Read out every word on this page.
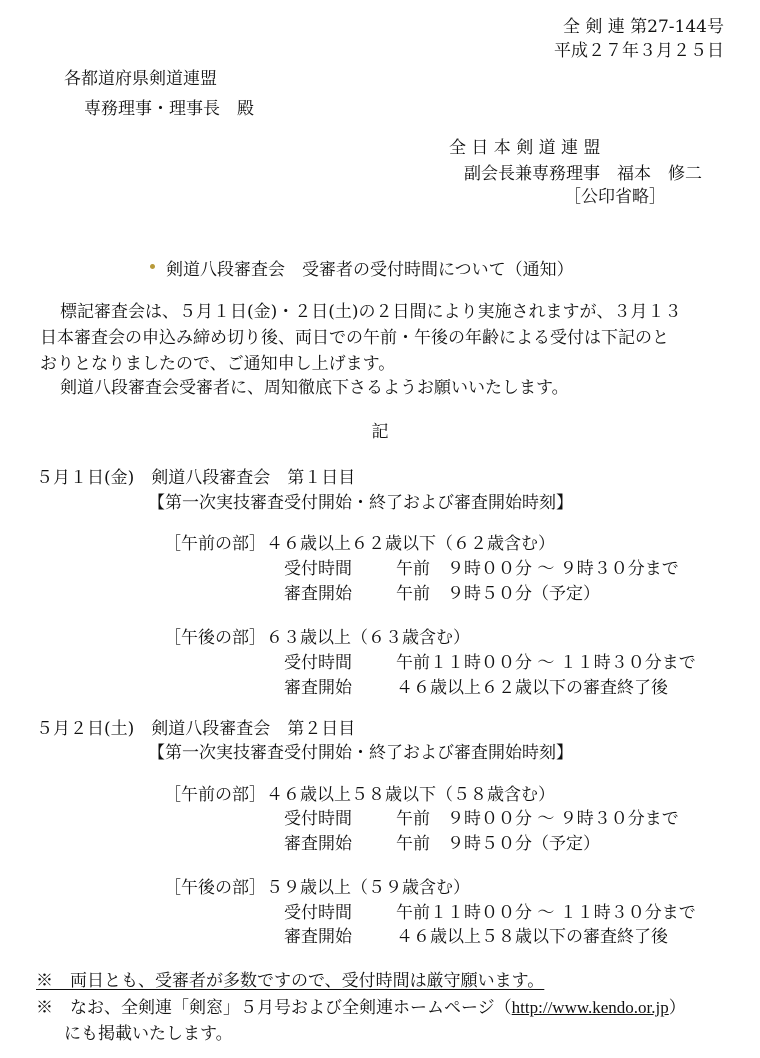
全 剣 連 第27-144号
平成２７年３月２５日
各都道府県剣道連盟
専務理事・理事長　殿
全 日 本 剣 道 連 盟
副会長兼専務理事　福本　修二
［公印省略］
剣道八段審査会　受審者の受付時間について（通知）
標記審査会は、５月１日(金)・２日(土)の２日間により実施されますが、３月１３
日本審査会の申込み締め切り後、両日での午前・午後の年齢による受付は下記のと
おりとなりましたので、ご通知申し上げます。
剣道八段審査会受審者に、周知徹底下さるようお願いいたします。
記
５月１日(金)　剣道八段審査会　第１日目
【第一次実技審査受付開始・終了および審査開始時刻】
［午前の部］４６歳以上６２歳以下（６２歳含む）
受付時間	午前　９時００分 ～ ９時３０分まで
審査開始	午前　９時５０分（予定）
［午後の部］６３歳以上（６３歳含む）
受付時間	午前１１時００分 ～ １１時３０分まで
審査開始	４６歳以上６２歳以下の審査終了後
５月２日(土)　剣道八段審査会　第２日目
【第一次実技審査受付開始・終了および審査開始時刻】
［午前の部］４６歳以上５８歳以下（５８歳含む）
受付時間	午前　９時００分 ～ ９時３０分まで
審査開始	午前　９時５０分（予定）
［午後の部］５９歳以上（５９歳含む）
受付時間	午前１１時００分 ～ １１時３０分まで
審査開始	４６歳以上５８歳以下の審査終了後
※　 両日とも、受審者が多数ですので、受付時間は厳守願います。
※　 なお、全剣連「剣窓」５月号および全剣連ホームページ（http://www.kendo.or.jp）
にも掲載いたします。
